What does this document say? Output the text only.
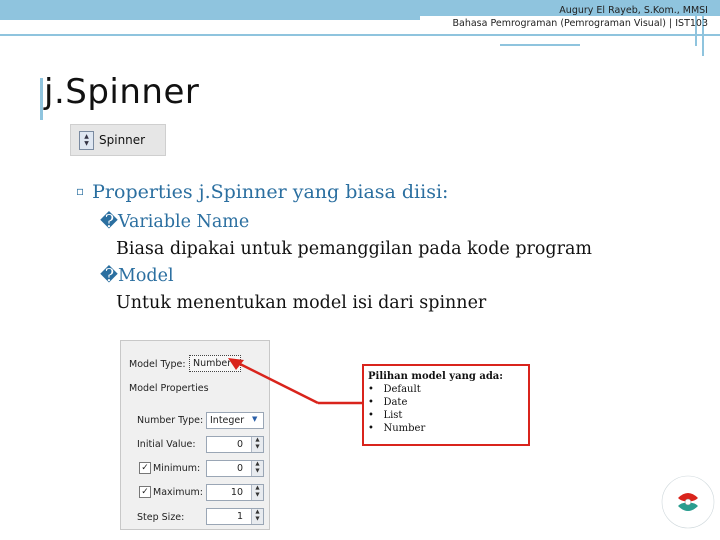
Augury El Rayeb, S.Kom., MMSI
Bahasa Pemrograman (Pemrograman Visual) | IST103
j.Spinner
▲
▼ Spinner
▫ Properties j.Spinner yang biasa diisi:
�Variable Name
Biasa dipakai untuk pemanggilan pada kode program
�Model
Untuk menentukan model isi dari spinner
Model Type: Number
Model Properties
Number Type: Integer	▼
Initial Value:	0	▲
▼
✓ Minimum:	0	▲
▼
✓ Maximum:	10	▲
▼
Step Size:	1	▲
▼
Pilihan model yang ada:
• Default
• Date
• List
• Number
